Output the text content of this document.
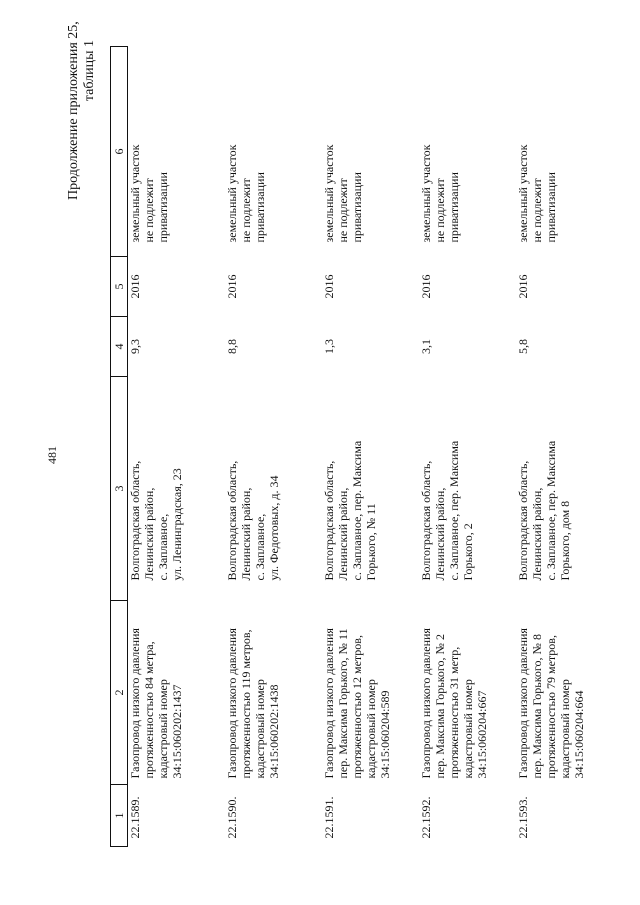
481
Продолжение приложения 25, таблицы 1
1	2	3	4	5	6

22.1589.	Газопровод низкого давления протяженностью 84 метра, кадастровый номер 34:15:060202:1437	Волгоградская область, Ленинский район, с. Заплавное, ул. Ленинградская, 23	9,3	2016	земельный участок не подлежит приватизации

22.1590.	Газопровод низкого давления протяженностью 119 метров, кадастровый номер 34:15:060202:1438	Волгоградская область, Ленинский район, с. Заплавное, ул. Федотовых, д. 34	8,8	2016	земельный участок не подлежит приватизации

22.1591.	Газопровод низкого давления пер. Максима Горького, № 11 протяженностью 12 метров, кадастровый номер 34:15:060204:589	Волгоградская область, Ленинский район, с. Заплавное, пер. Максима Горького, № 11	1,3	2016	земельный участок не подлежит приватизации

22.1592.	Газопровод низкого давления пер. Максима Горького, № 2 протяженностью 31 метр, кадастровый номер 34:15:060204:667	Волгоградская область, Ленинский район, с. Заплавное, пер. Максима Горького, 2	3,1	2016	земельный участок не подлежит приватизации

22.1593.	Газопровод низкого давления пер. Максима Горького, № 8 протяженностью 79 метров, кадастровый номер 34:15:060204:664	Волгоградская область, Ленинский район, с. Заплавное, пер. Максима Горького, дом 8	5,8	2016	земельный участок не подлежит приватизации
